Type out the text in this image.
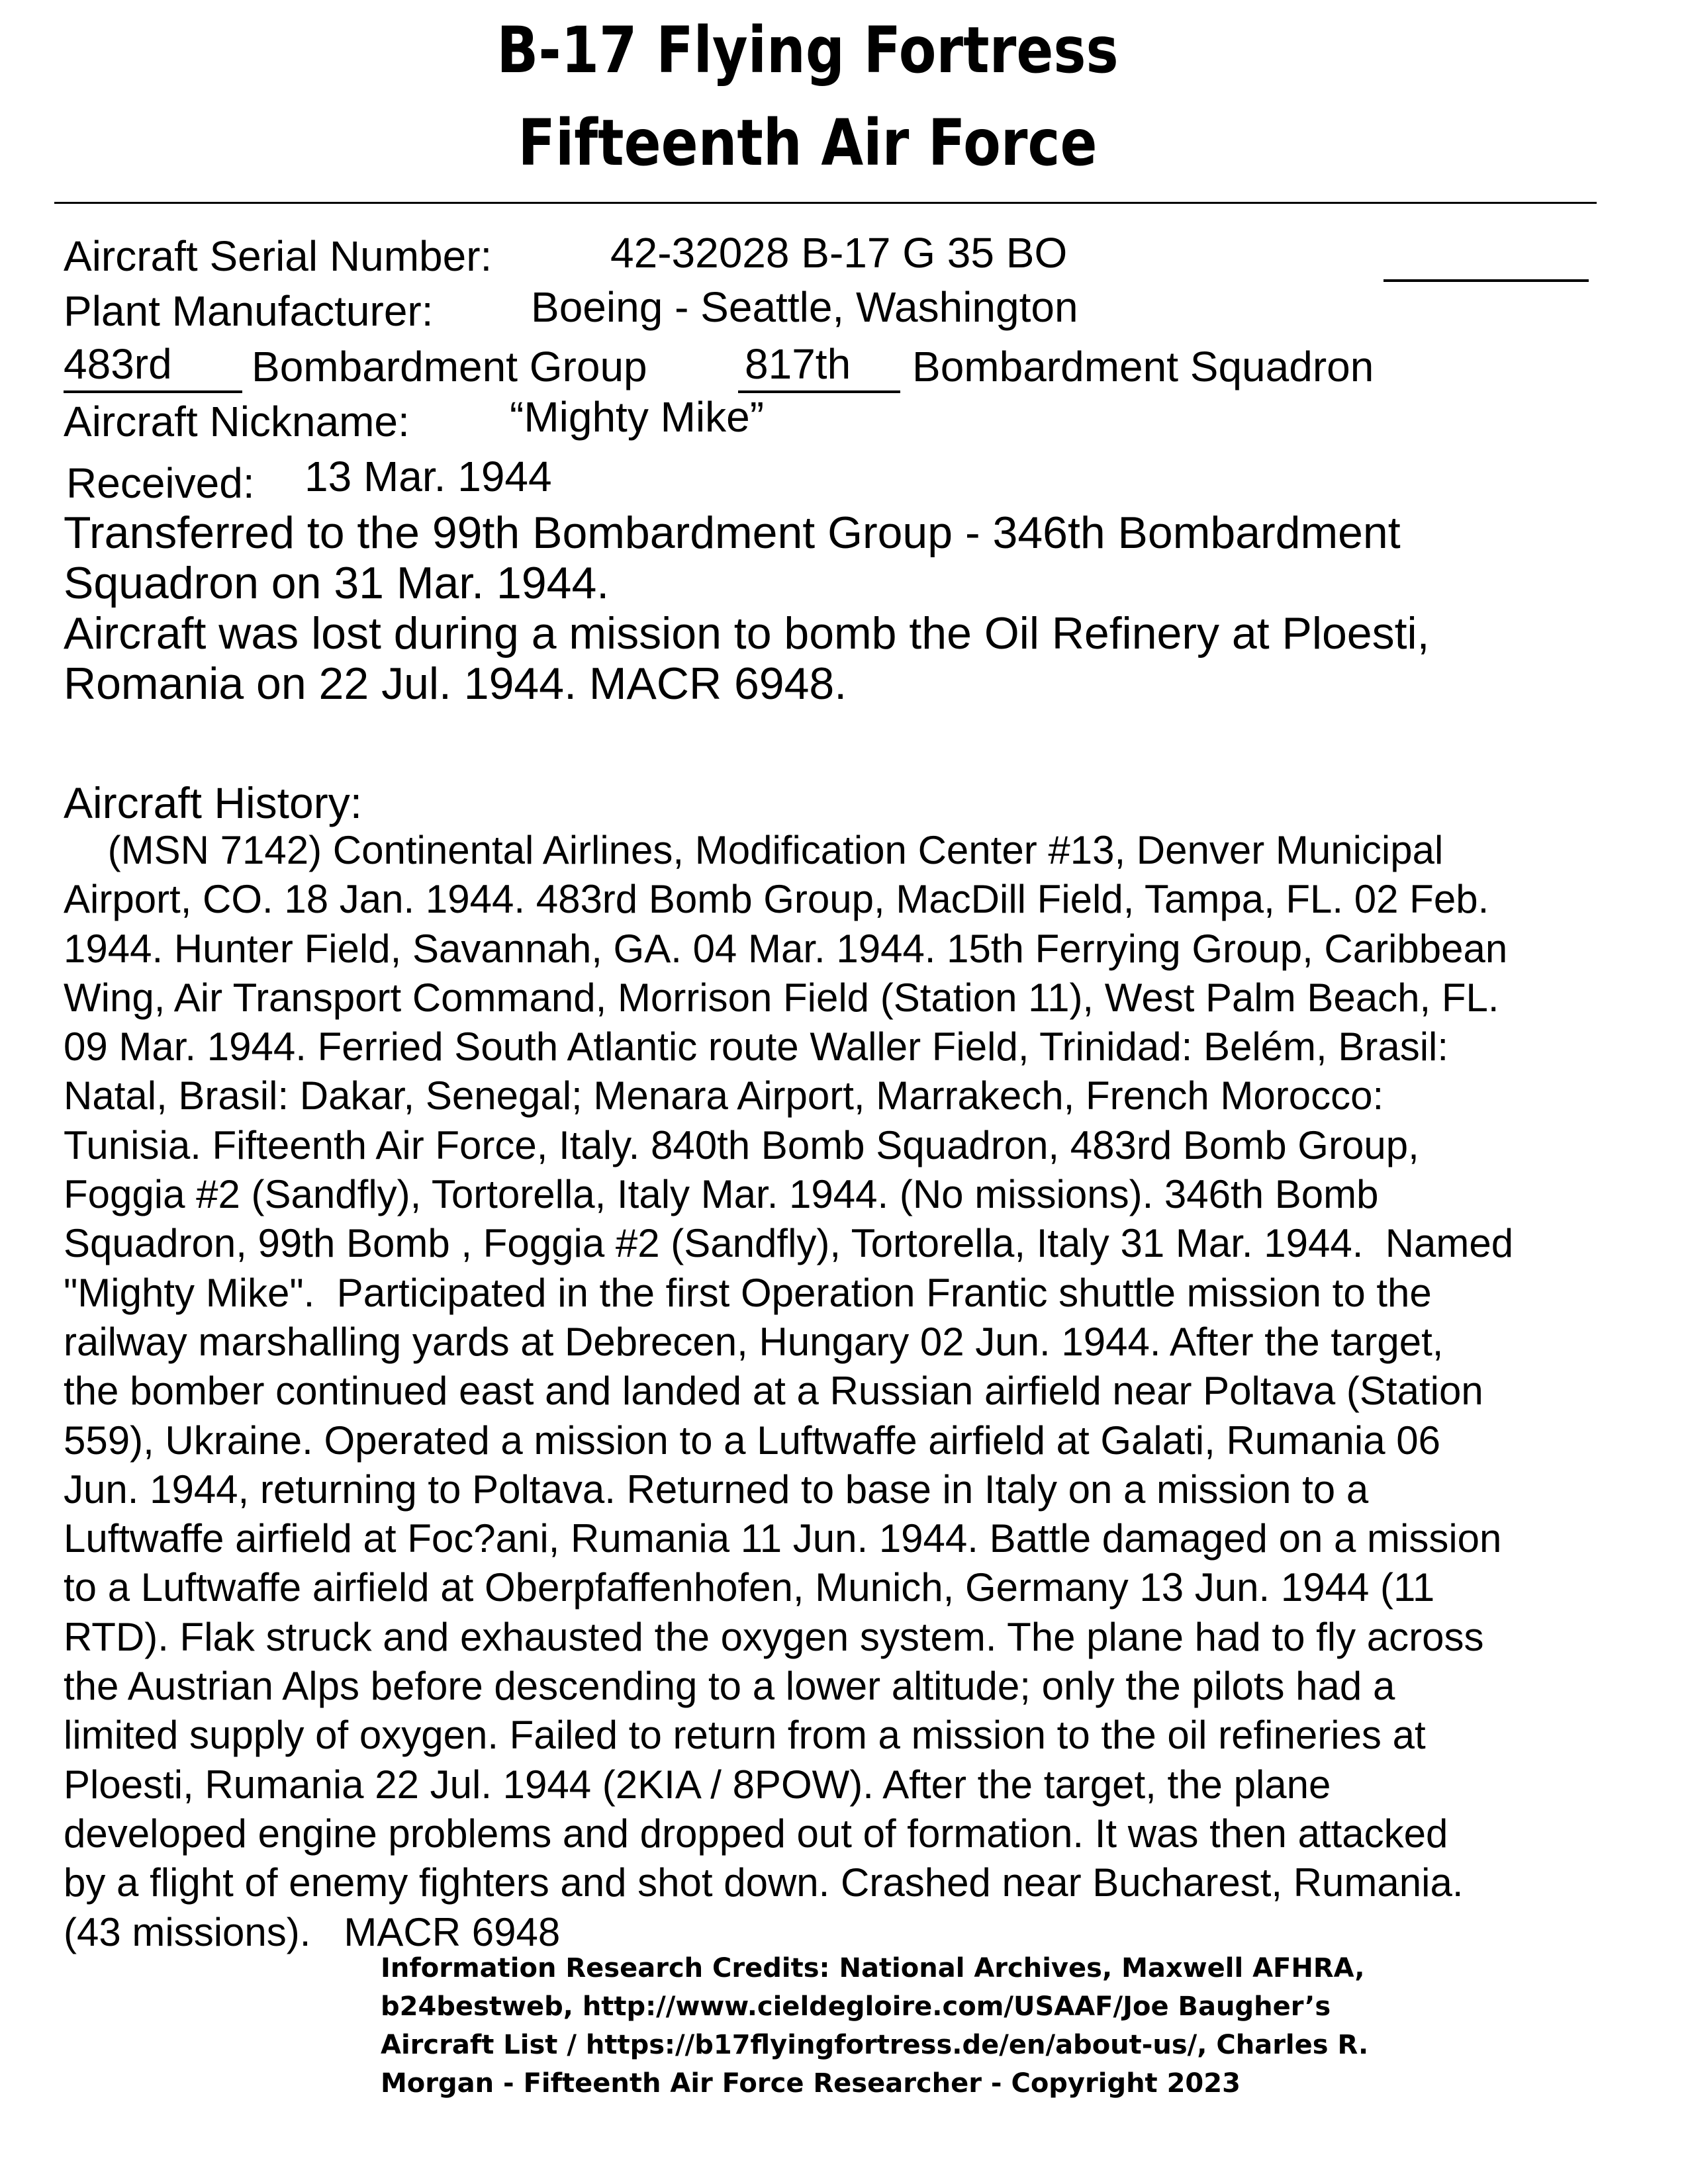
B-17 Flying Fortress
Fifteenth Air Force
Aircraft Serial Number:	42-32028 B-17 G 35 BO
Plant Manufacturer: Boeing - Seattle, Washington
483rd Bombardment Group 817th Bombardment Squadron
Aircraft Nickname: “Mighty Mike”
Received: 13 Mar. 1944
Transferred to the 99th Bombardment Group - 346th Bombardment
Squadron on 31 Mar. 1944.
Aircraft was lost during a mission to bomb the Oil Refinery at Ploesti,
Romania on 22 Jul. 1944. MACR 6948.
Aircraft History:
(MSN 7142) Continental Airlines, Modification Center #13, Denver Municipal
Airport, CO. 18 Jan. 1944. 483rd Bomb Group, MacDill Field, Tampa, FL. 02 Feb.
1944. Hunter Field, Savannah, GA. 04 Mar. 1944. 15th Ferrying Group, Caribbean
Wing, Air Transport Command, Morrison Field (Station 11), West Palm Beach, FL.
09 Mar. 1944. Ferried South Atlantic route Waller Field, Trinidad: Belém, Brasil:
Natal, Brasil: Dakar, Senegal; Menara Airport, Marrakech, French Morocco:
Tunisia. Fifteenth Air Force, Italy. 840th Bomb Squadron, 483rd Bomb Group,
Foggia #2 (Sandfly), Tortorella, Italy Mar. 1944. (No missions). 346th Bomb
Squadron, 99th Bomb , Foggia #2 (Sandfly), Tortorella, Italy 31 Mar. 1944.  Named
"Mighty Mike".  Participated in the first Operation Frantic shuttle mission to the
railway marshalling yards at Debrecen, Hungary 02 Jun. 1944. After the target,
the bomber continued east and landed at a Russian airfield near Poltava (Station
559), Ukraine. Operated a mission to a Luftwaffe airfield at Galati, Rumania 06
Jun. 1944, returning to Poltava. Returned to base in Italy on a mission to a
Luftwaffe airfield at Foc?ani, Rumania 11 Jun. 1944. Battle damaged on a mission
to a Luftwaffe airfield at Oberpfaffenhofen, Munich, Germany 13 Jun. 1944 (11
RTD). Flak struck and exhausted the oxygen system. The plane had to fly across
the Austrian Alps before descending to a lower altitude; only the pilots had a
limited supply of oxygen. Failed to return from a mission to the oil refineries at
Ploesti, Rumania 22 Jul. 1944 (2KIA / 8POW). After the target, the plane
developed engine problems and dropped out of formation. It was then attacked
by a flight of enemy fighters and shot down. Crashed near Bucharest, Rumania.
(43 missions).   MACR 6948
Information Research Credits: National Archives, Maxwell AFHRA,
b24bestweb, http://www.cieldegloire.com/USAAF/Joe Baugher’s
Aircraft List / https://b17flyingfortress.de/en/about-us/, Charles R.
Morgan - Fifteenth Air Force Researcher - Copyright 2023
